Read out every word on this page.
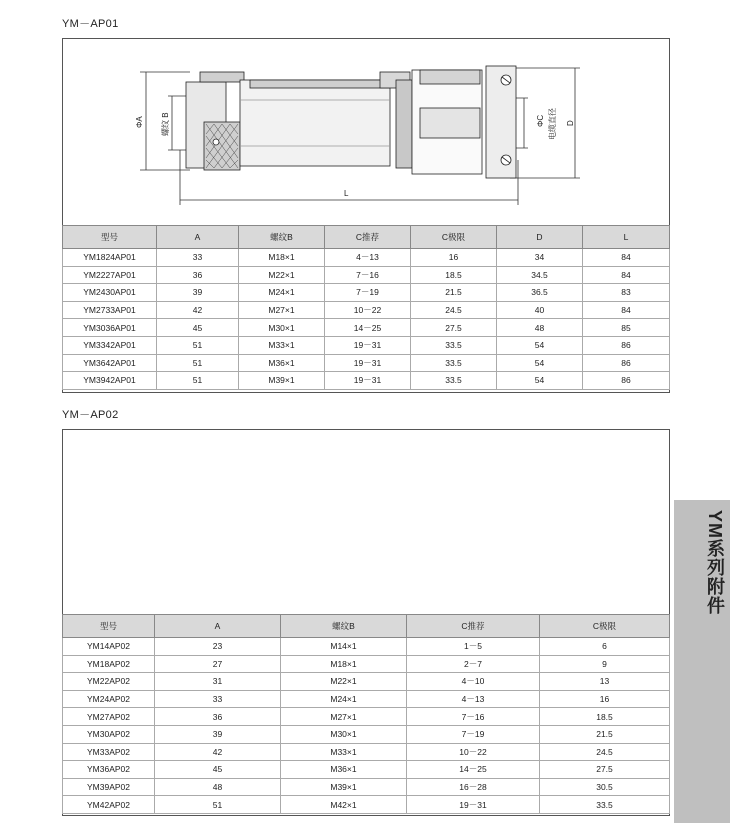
YM－AP01
ΦA 螺纹 B	ΦC 电缆直径 D
L
型号	A	螺纹B	C推荐	C极限	D	L
YM1824AP01	33	M18×1	4－13	16	34	84
YM2227AP01	36	M22×1	7－16	18.5	34.5	84
YM2430AP01	39	M24×1	7－19	21.5	36.5	83
YM2733AP01	42	M27×1	10－22	24.5	40	84
YM3036AP01	45	M30×1	14－25	27.5	48	85
YM3342AP01	51	M33×1	19－31	33.5	54	86
YM3642AP01	51	M36×1	19－31	33.5	54	86
YM3942AP01	51	M39×1	19－31	33.5	54	86
YM－AP02
型号	A	螺纹B	C推荐	C极限
YM14AP02	23	M14×1	1－5	6
YM18AP02	27	M18×1	2－7	9
YM22AP02	31	M22×1	4－10	13
YM24AP02	33	M24×1	4－13	16
YM27AP02	36	M27×1	7－16	18.5
YM30AP02	39	M30×1	7－19	21.5
YM33AP02	42	M33×1	10－22	24.5
YM36AP02	45	M36×1	14－25	27.5
YM39AP02	48	M39×1	16－28	30.5
YM42AP02	51	M42×1	19－31	33.5
YM系列附件
